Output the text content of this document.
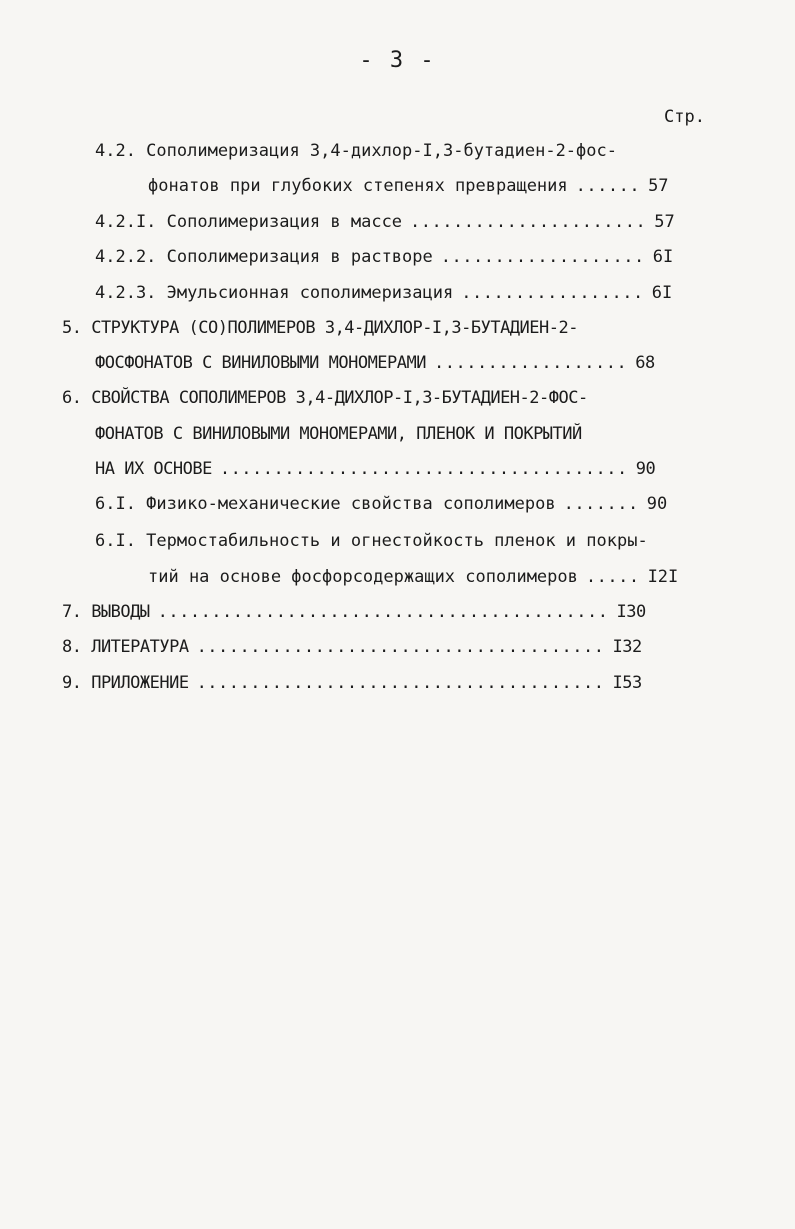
- 3 -
Стр.
4.2. Сополимеризация 3,4-дихлор-I,3-бутадиен-2-фос-
фонатов при глубоких степенях превращения ...... 57
4.2.I. Сополимеризация в массе ...................... 57
4.2.2. Сополимеризация в растворе ................... 6I
4.2.3. Эмульсионная сополимеризация ................. 6I
5. СТРУКТУРА (СО)ПОЛИМЕРОВ 3,4-ДИХЛОР-I,3-БУТАДИЕН-2-
ФОСФОНАТОВ С ВИНИЛОВЫМИ МОНОМЕРАМИ .................. 68
6. СВОЙСТВА СОПОЛИМЕРОВ 3,4-ДИХЛОР-I,3-БУТАДИЕН-2-ФОС-
ФОНАТОВ С ВИНИЛОВЫМИ МОНОМЕРАМИ, ПЛЕНОК И ПОКРЫТИЙ
НА ИХ ОСНОВЕ ...................................... 90
6.I. Физико-механические свойства сополимеров ....... 90
6.I. Термостабильность и огнестойкость пленок и покры-
тий на основе фосфорсодержащих сополимеров ..... I2I
7. ВЫВОДЫ .......................................... I30
8. ЛИТЕРАТУРА ...................................... I32
9. ПРИЛОЖЕНИЕ ...................................... I53
